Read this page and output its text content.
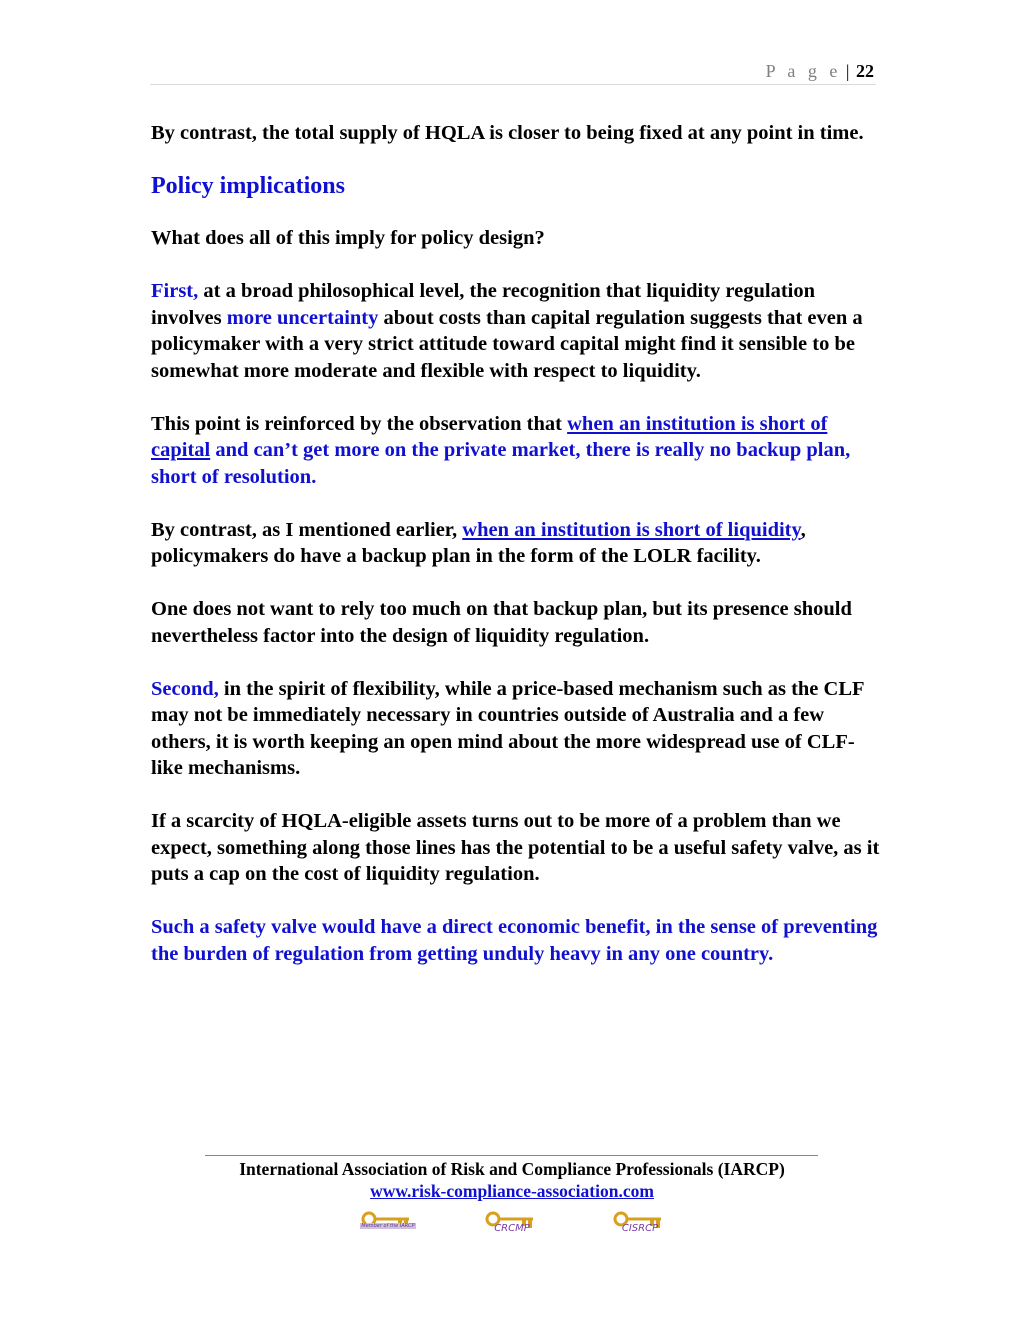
P a g e | 22

By contrast, the total supply of HQLA is closer to being fixed at any point in time.

Policy implications

What does all of this imply for policy design?

First, at a broad philosophical level, the recognition that liquidity regulation involves more uncertainty about costs than capital regulation suggests that even a policymaker with a very strict attitude toward capital might find it sensible to be somewhat more moderate and flexible with respect to liquidity.

This point is reinforced by the observation that when an institution is short of capital and can’t get more on the private market, there is really no backup plan, short of resolution.

By contrast, as I mentioned earlier, when an institution is short of liquidity, policymakers do have a backup plan in the form of the LOLR facility.

One does not want to rely too much on that backup plan, but its presence should nevertheless factor into the design of liquidity regulation.

Second, in the spirit of flexibility, while a price-based mechanism such as the CLF may not be immediately necessary in countries outside of Australia and a few others, it is worth keeping an open mind about the more widespread use of CLF-like mechanisms.

If a scarcity of HQLA-eligible assets turns out to be more of a problem than we expect, something along those lines has the potential to be a useful safety valve, as it puts a cap on the cost of liquidity regulation.

Such a safety valve would have a direct economic benefit, in the sense of preventing the burden of regulation from getting unduly heavy in any one country.

International Association of Risk and Compliance Professionals (IARCP)
www.risk-compliance-association.com
Member of the IARCP	CRCMP	CISRCP
